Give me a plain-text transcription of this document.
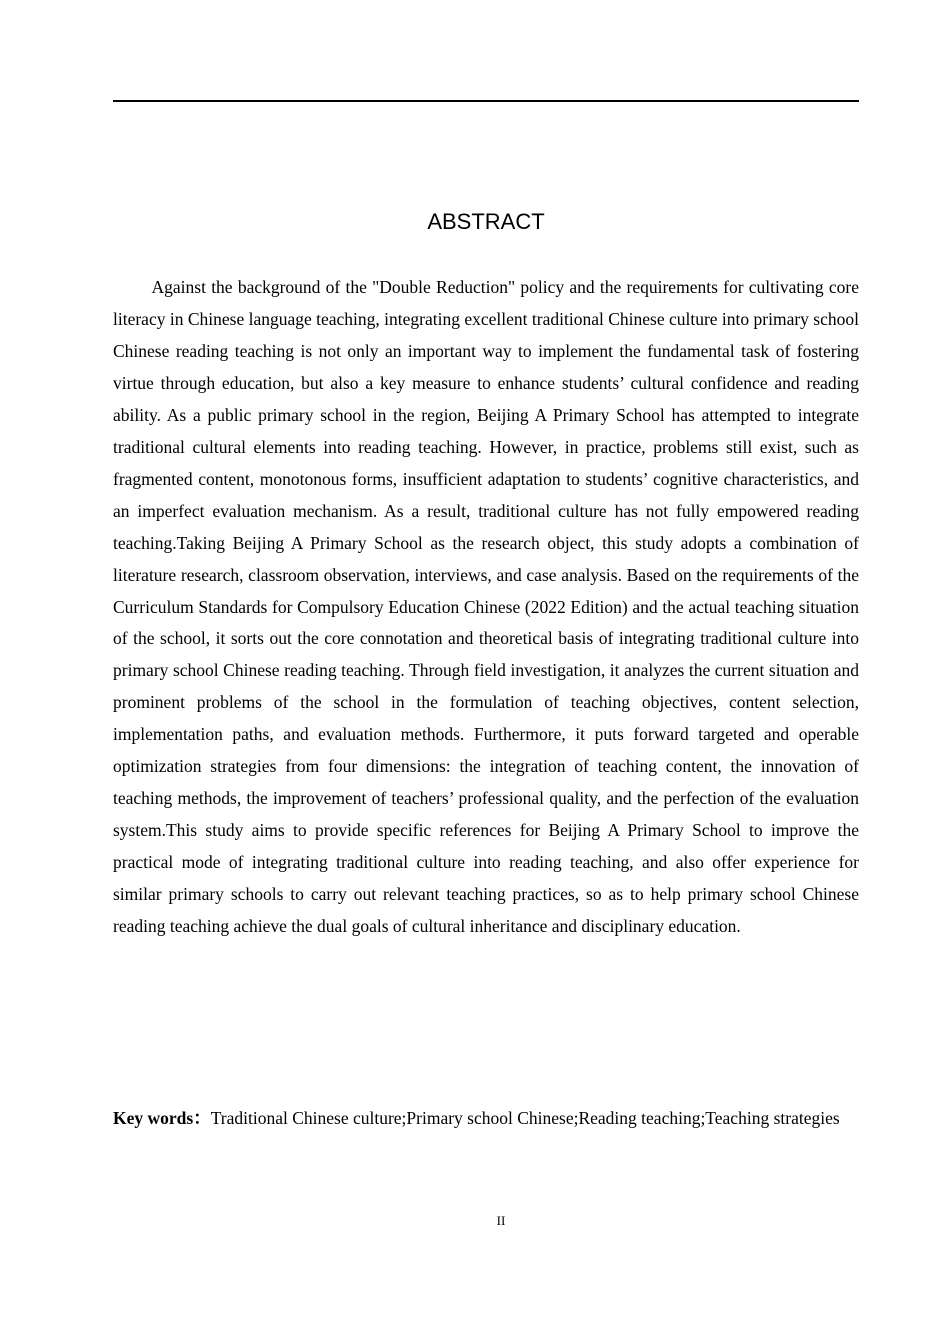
ABSTRACT

Against the background of the "Double Reduction" policy and the requirements for cultivating core literacy in Chinese language teaching, integrating excellent traditional Chinese culture into primary school Chinese reading teaching is not only an important way to implement the fundamental task of fostering virtue through education, but also a key measure to enhance students’ cultural confidence and reading ability. As a public primary school in the region, Beijing A Primary School has attempted to integrate traditional cultural elements into reading teaching. However, in practice, problems still exist, such as fragmented content, monotonous forms, insufficient adaptation to students’ cognitive characteristics, and an imperfect evaluation mechanism. As a result, traditional culture has not fully empowered reading teaching.Taking Beijing A Primary School as the research object, this study adopts a combination of literature research, classroom observation, interviews, and case analysis. Based on the requirements of the Curriculum Standards for Compulsory Education Chinese (2022 Edition) and the actual teaching situation of the school, it sorts out the core connotation and theoretical basis of integrating traditional culture into primary school Chinese reading teaching. Through field investigation, it analyzes the current situation and prominent problems of the school in the formulation of teaching objectives, content selection, implementation paths, and evaluation methods. Furthermore, it puts forward targeted and operable optimization strategies from four dimensions: the integration of teaching content, the innovation of teaching methods, the improvement of teachers’ professional quality, and the perfection of the evaluation system.This study aims to provide specific references for Beijing A Primary School to improve the practical mode of integrating traditional culture into reading teaching, and also offer experience for similar primary schools to carry out relevant teaching practices, so as to help primary school Chinese reading teaching achieve the dual goals of cultural inheritance and disciplinary education.

Key words：Traditional Chinese culture;Primary school Chinese;Reading teaching;Teaching strategies

II
